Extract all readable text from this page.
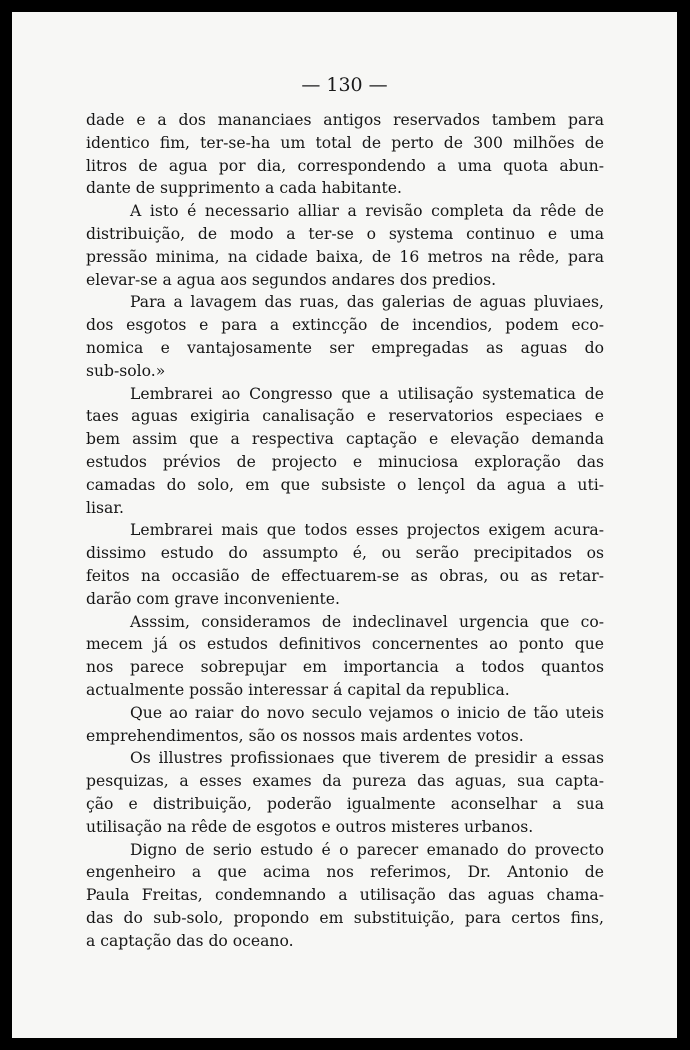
— 130 —
dade e a dos mananciaes antigos reservados tambem para
identico fim, ter-se-ha um total de perto de 300 milhões de
litros de agua por dia, correspondendo a uma quota abun-
dante de supprimento a cada habitante.
A isto é necessario alliar a revisão completa da rêde de
distribuição, de modo a ter-se o systema continuo e uma
pressão minima, na cidade baixa, de 16 metros na rêde, para
elevar-se a agua aos segundos andares dos predios.
Para a lavagem das ruas, das galerias de aguas pluviaes,
dos esgotos e para a extincção de incendios, podem eco-
nomica e vantajosamente ser empregadas as aguas do
sub-solo.»
Lembrarei ao Congresso que a utilisação systematica de
taes aguas exigiria canalisação e reservatorios especiaes e
bem assim que a respectiva captação e elevação demanda
estudos prévios de projecto e minuciosa exploração das
camadas do solo, em que subsiste o lençol da agua a uti-
lisar.
Lembrarei mais que todos esses projectos exigem acura-
dissimo estudo do assumpto é, ou serão precipitados os
feitos na occasião de effectuarem-se as obras, ou as retar-
darão com grave inconveniente.
Asssim, consideramos de indeclinavel urgencia que co-
mecem já os estudos definitivos concernentes ao ponto que
nos parece sobrepujar em importancia a todos quantos
actualmente possão interessar á capital da republica.
Que ao raiar do novo seculo vejamos o inicio de tão uteis
emprehendimentos, são os nossos mais ardentes votos.
Os illustres profissionaes que tiverem de presidir a essas
pesquizas, a esses exames da pureza das aguas, sua capta-
ção e distribuição, poderão igualmente aconselhar a sua
utilisação na rêde de esgotos e outros misteres urbanos.
Digno de serio estudo é o parecer emanado do provecto
engenheiro a que acima nos referimos, Dr. Antonio de
Paula Freitas, condemnando a utilisação das aguas chama-
das do sub-solo, propondo em substituição, para certos fins,
a captação das do oceano.
